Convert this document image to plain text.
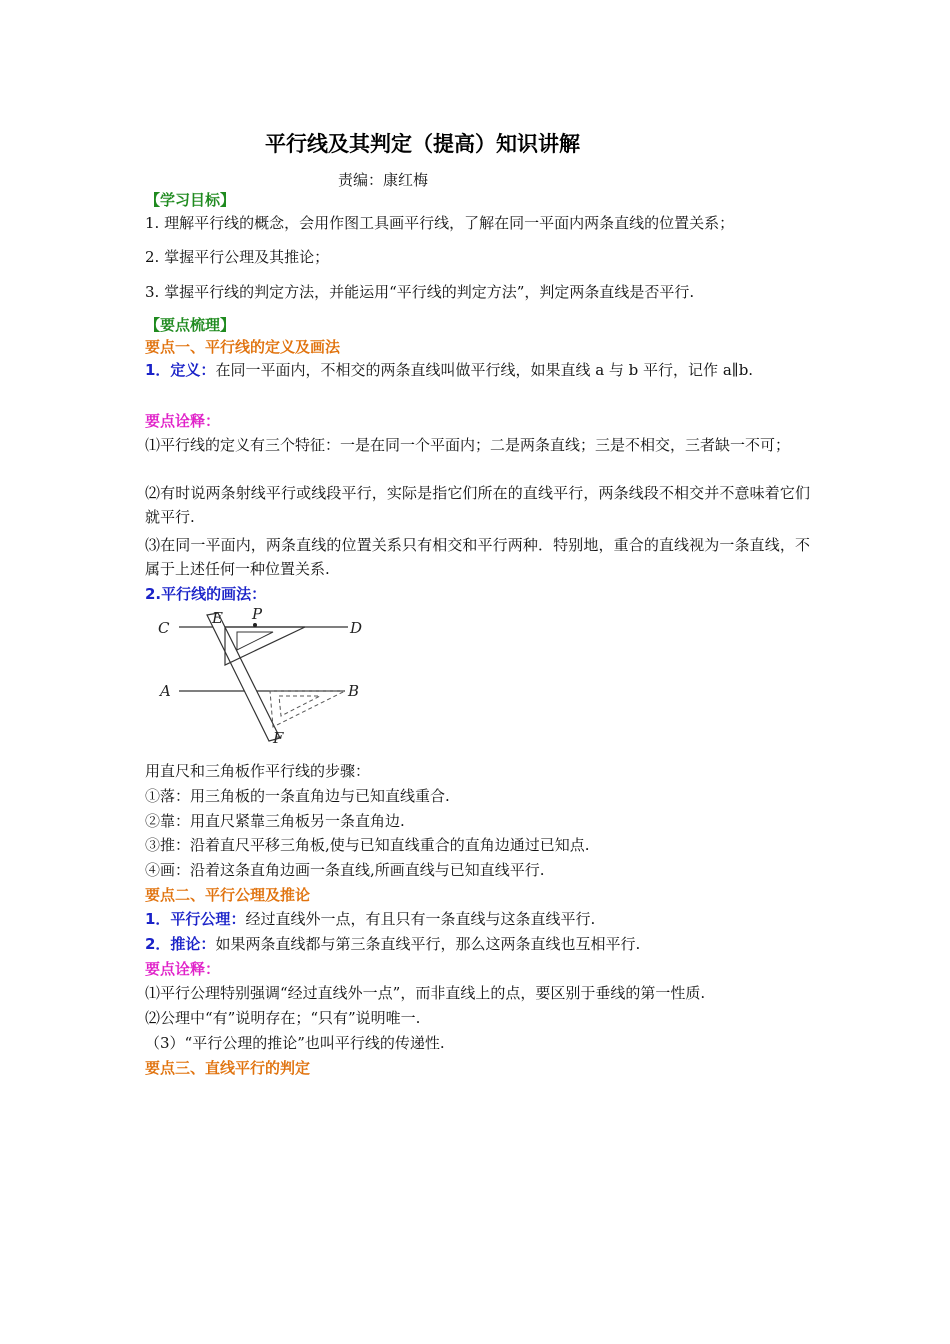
平行线及其判定（提高）知识讲解
责编：康红梅
【学习目标】
1. 理解平行线的概念，会用作图工具画平行线，了解在同一平面内两条直线的位置关系；
2. 掌握平行公理及其推论；
3. 掌握平行线的判定方法，并能运用“平行线的判定方法”，判定两条直线是否平行.
【要点梳理】
要点一、平行线的定义及画法
1．定义：在同一平面内，不相交的两条直线叫做平行线，如果直线 a 与 b 平行，记作 a∥b.
要点诠释：
⑴平行线的定义有三个特征：一是在同一个平面内；二是两条直线；三是不相交，三者缺一不可；
⑵有时说两条射线平行或线段平行，实际是指它们所在的直线平行，两条线段不相交并不意味着它们就平行.
⑶在同一平面内，两条直线的位置关系只有相交和平行两种．特别地，重合的直线视为一条直线，不属于上述任何一种位置关系.
2.平行线的画法：
C	D
E P
A	B
F
用直尺和三角板作平行线的步骤：
①落：用三角板的一条直角边与已知直线重合.
②靠：用直尺紧靠三角板另一条直角边.
③推：沿着直尺平移三角板,使与已知直线重合的直角边通过已知点.
④画：沿着这条直角边画一条直线,所画直线与已知直线平行.
要点二、平行公理及推论
1．平行公理：经过直线外一点，有且只有一条直线与这条直线平行.
2．推论：如果两条直线都与第三条直线平行，那么这两条直线也互相平行.
要点诠释：
⑴平行公理特别强调“经过直线外一点”，而非直线上的点，要区别于垂线的第一性质.
⑵公理中“有”说明存在；“只有”说明唯一.
（3）“平行公理的推论”也叫平行线的传递性.
要点三、直线平行的判定
